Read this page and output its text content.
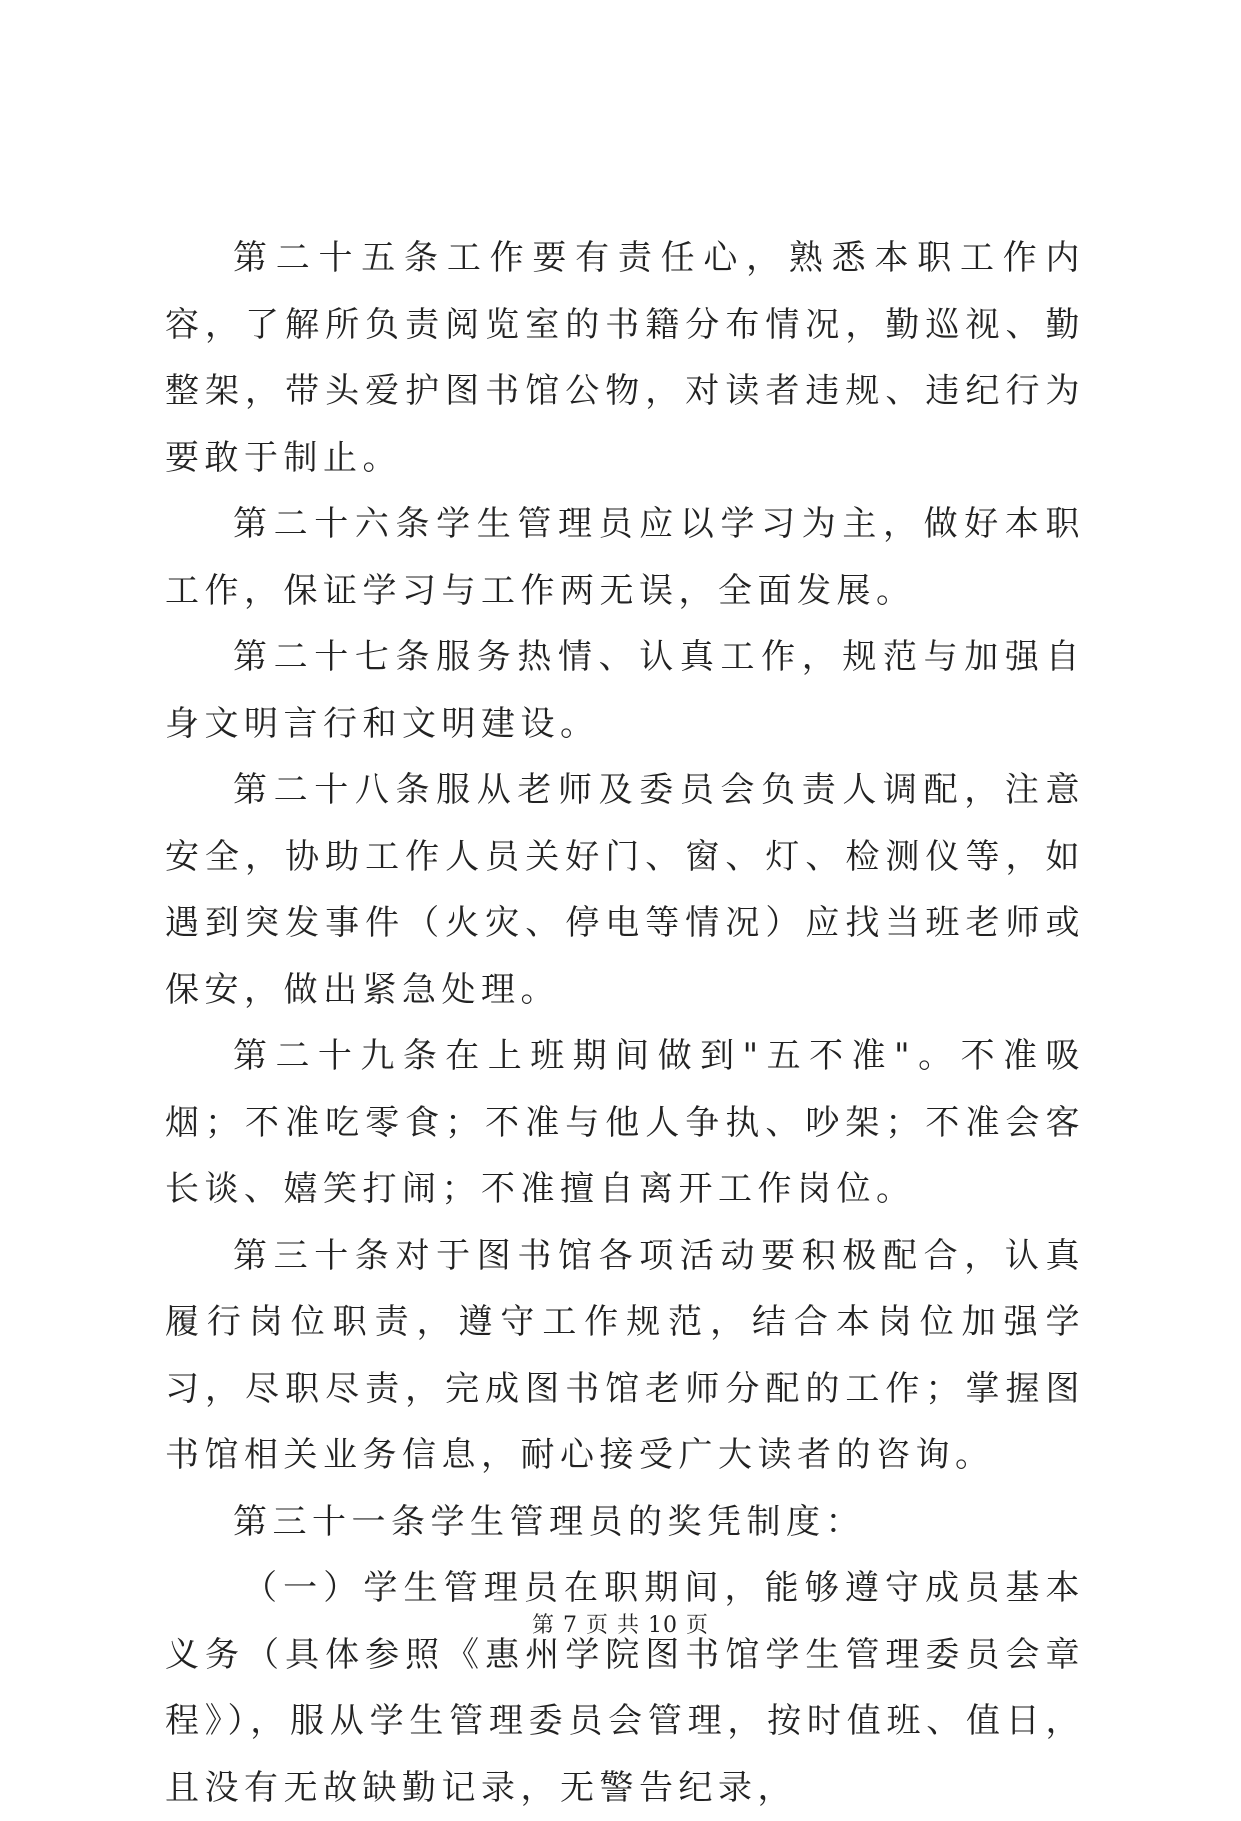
第二十五条工作要有责任心，熟悉本职工作内容，了解所负责阅览室的书籍分布情况，勤巡视、勤整架，带头爱护图书馆公物，对读者违规、违纪行为要敢于制止。

第二十六条学生管理员应以学习为主，做好本职工作，保证学习与工作两无误，全面发展。

第二十七条服务热情、认真工作，规范与加强自身文明言行和文明建设。

第二十八条服从老师及委员会负责人调配，注意安全，协助工作人员关好门、窗、灯、检测仪等，如遇到突发事件（火灾、停电等情况）应找当班老师或保安，做出紧急处理。

第二十九条在上班期间做到"五不准"。不准吸烟；不准吃零食；不准与他人争执、吵架；不准会客长谈、嬉笑打闹；不准擅自离开工作岗位。

第三十条对于图书馆各项活动要积极配合，认真履行岗位职责，遵守工作规范，结合本岗位加强学习，尽职尽责，完成图书馆老师分配的工作；掌握图书馆相关业务信息，耐心接受广大读者的咨询。

第三十一条学生管理员的奖凭制度：

（一）学生管理员在职期间，能够遵守成员基本义务（具体参照《惠州学院图书馆学生管理委员会章程》），服从学生管理委员会管理，按时值班、值日，且没有无故缺勤记录，无警告纪录，

第 7 页 共 10 页
